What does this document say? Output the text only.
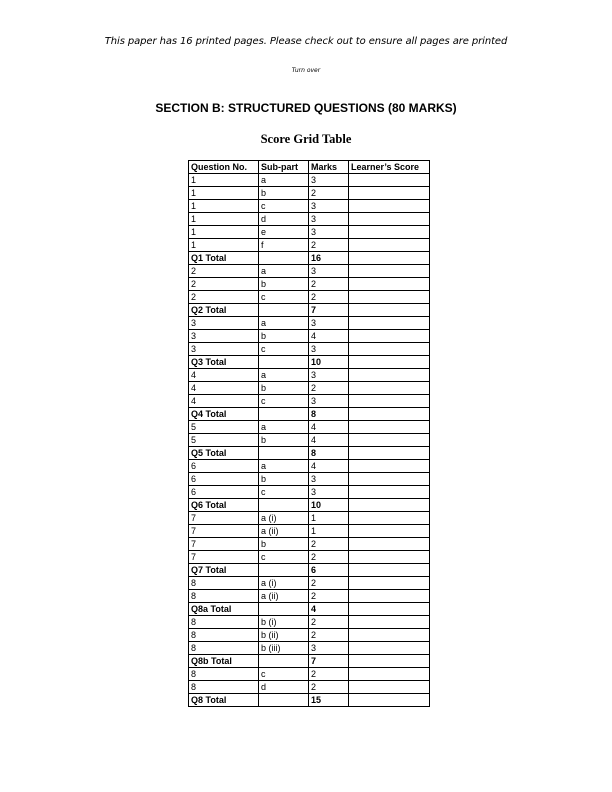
This paper has 16 printed pages. Please check out to ensure all pages are printed
Turn over
SECTION B: STRUCTURED QUESTIONS (80 MARKS)
Score Grid Table
Question No.	Sub-part	Marks	Learner’s Score
1	a	3	
1	b	2	
1	c	3	
1	d	3	
1	e	3	
1	f	2	
Q1 Total		16	
2	a	3	
2	b	2	
2	c	2	
Q2 Total		7	
3	a	3	
3	b	4	
3	c	3	
Q3 Total		10	
4	a	3	
4	b	2	
4	c	3	
Q4 Total		8	
5	a	4	
5	b	4	
Q5 Total		8	
6	a	4	
6	b	3	
6	c	3	
Q6 Total		10	
7	a (i)	1	
7	a (ii)	1	
7	b	2	
7	c	2	
Q7 Total		6	
8	a (i)	2	
8	a (ii)	2	
Q8a Total		4	
8	b (i)	2	
8	b (ii)	2	
8	b (iii)	3	
Q8b Total		7	
8	c	2	
8	d	2	
Q8 Total		15	
